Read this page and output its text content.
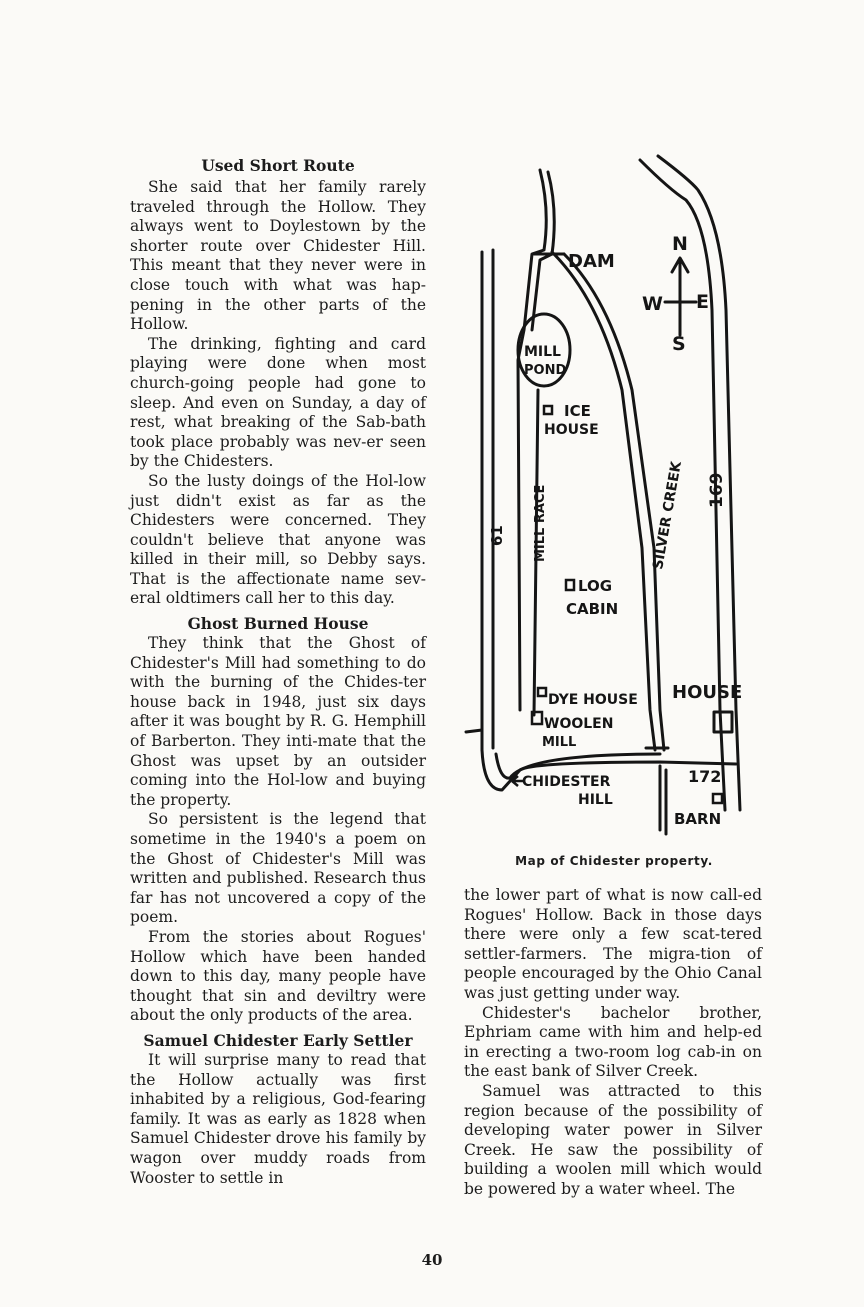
Used Short Route

She said that her family rarely traveled through the Hollow. They always went to Doylestown by the shorter route over Chidester Hill. This meant that they never were in close touch with what was hap-pening in the other parts of the Hollow.

The drinking, fighting and card playing were done when most church-going people had gone to sleep. And even on Sunday, a day of rest, what breaking of the Sab-bath took place probably was nev-er seen by the Chidesters.

So the lusty doings of the Hol-low just didn't exist as far as the Chidesters were concerned. They couldn't believe that anyone was killed in their mill, so Debby says. That is the affectionate name sev-eral oldtimers call her to this day.

Ghost Burned House

They think that the Ghost of Chidester's Mill had something to do with the burning of the Chides-ter house back in 1948, just six days after it was bought by R. G. Hemphill of Barberton. They inti-mate that the Ghost was upset by an outsider coming into the Hol-low and buying the property.

So persistent is the legend that sometime in the 1940's a poem on the Ghost of Chidester's Mill was written and published. Research thus far has not uncovered a copy of the poem.

From the stories about Rogues' Hollow which have been handed down to this day, many people have thought that sin and deviltry were about the only products of the area.

Samuel Chidester Early Settler

It will surprise many to read that the Hollow actually was first inhabited by a religious, God-fearing family. It was as early as 1828 when Samuel Chidester drove his family by wagon over muddy roads from Wooster to settle in

DAM
MILL
POND
ICE
HOUSE
SILVER CREEK
MILL RACE
61
169
LOG
CABIN
DYE HOUSE
WOOLEN
MILL
HOUSE
CHIDESTER
HILL
172
BARN
N
S
W E
Map of Chidester property.

the lower part of what is now call-ed Rogues' Hollow. Back in those days there were only a few scat-tered settler-farmers. The migra-tion of people encouraged by the Ohio Canal was just getting under way.

Chidester's bachelor brother, Ephriam came with him and help-ed in erecting a two-room log cab-in on the east bank of Silver Creek.

Samuel was attracted to this region because of the possibility of developing water power in Silver Creek. He saw the possibility of building a woolen mill which would be powered by a water wheel. The

40
